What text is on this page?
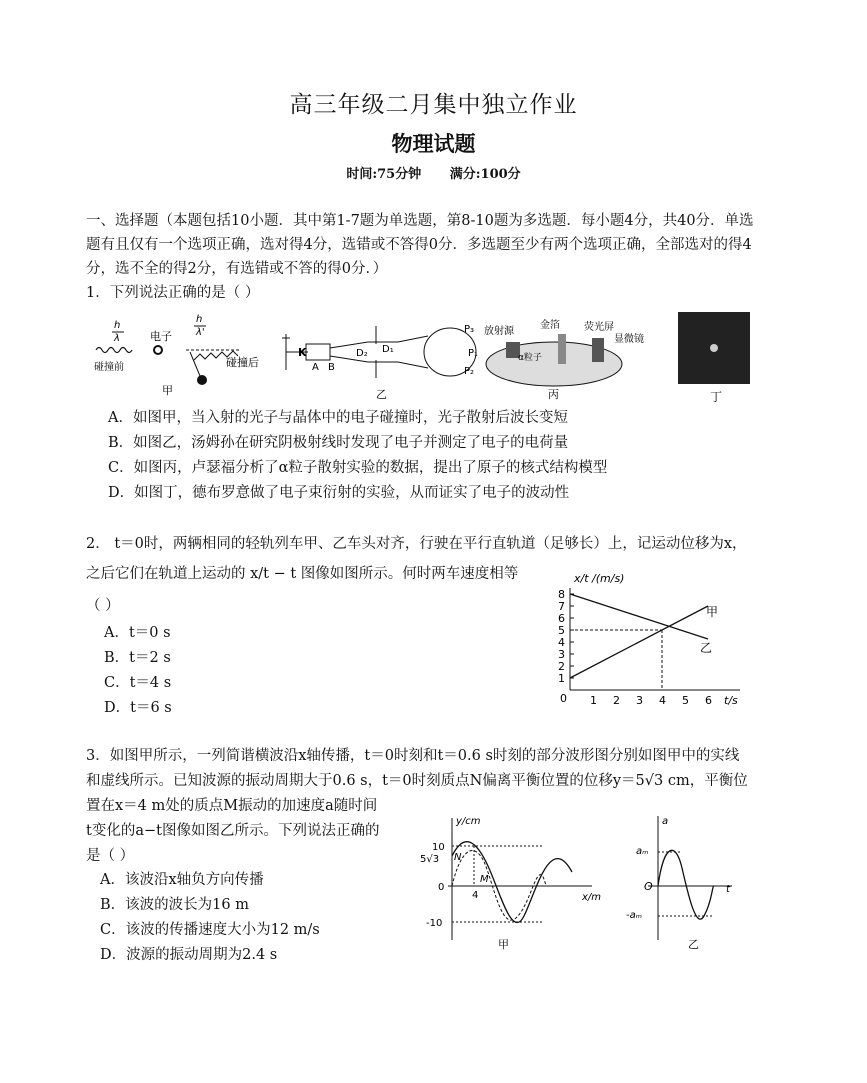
高三年级二月集中独立作业
物理试题
时间:75分钟 满分:100分
一、选择题（本题包括10小题．其中第1-7题为单选题，第8-10题为多选题．每小题4分，共40分．单选题有且仅有一个选项正确，选对得4分，选错或不答得0分．多选题至少有两个选项正确，全部选对的得4分，选不全的得2分，有选错或不答的得0分．）
1．下列说法正确的是（ ）
h
λ
碰撞前
电子
h
λ'
碰撞后
甲
K
A B
D₂ D₁
P₃
P₁
P₂
乙
放射源
金箔 荧光屏
显微镜
α粒子
丙	丁
A．如图甲，当入射的光子与晶体中的电子碰撞时，光子散射后波长变短
B．如图乙，汤姆孙在研究阴极射线时发现了电子并测定了电子的电荷量
C．如图丙，卢瑟福分析了α粒子散射实验的数据，提出了原子的核式结构模型
D．如图丁，德布罗意做了电子束衍射的实验，从而证实了电子的波动性
2． t＝0时，两辆相同的轻轨列车甲、乙车头对齐，行驶在平行直轨道（足够长）上，记运动位移为x，
之后它们在轨道上运动的 x/t − t 图像如图所示。何时两车速度相等
（ ）
A．t＝0 s
B．t＝2 s
C．t＝4 s
D．t＝6 s
x/t /(m/s)
t/s
0
1
2
3
4
5
6
7
8
1 2 3 4 5 6
甲
乙
3．如图甲所示，一列简谐横波沿x轴传播，t＝0时刻和t＝0.6 s时刻的部分波形图分别如图甲中的实线
和虚线所示。已知波源的振动周期大于0.6 s，t＝0时刻质点N偏离平衡位置的位移y＝5√3 cm，平衡位
置在x＝4 m处的质点M振动的加速度a随时间
t变化的a−t图像如图乙所示。下列说法正确的
是（ ）
A．该波沿x轴负方向传播
B．该波的波长为16 m
C．该波的传播速度大小为12 m/s
D．波源的振动周期为2.4 s
y/cm
x/m
10
5√3
0
-10
4
N
M
甲
a
t
aₘ
-aₘ
O
乙
